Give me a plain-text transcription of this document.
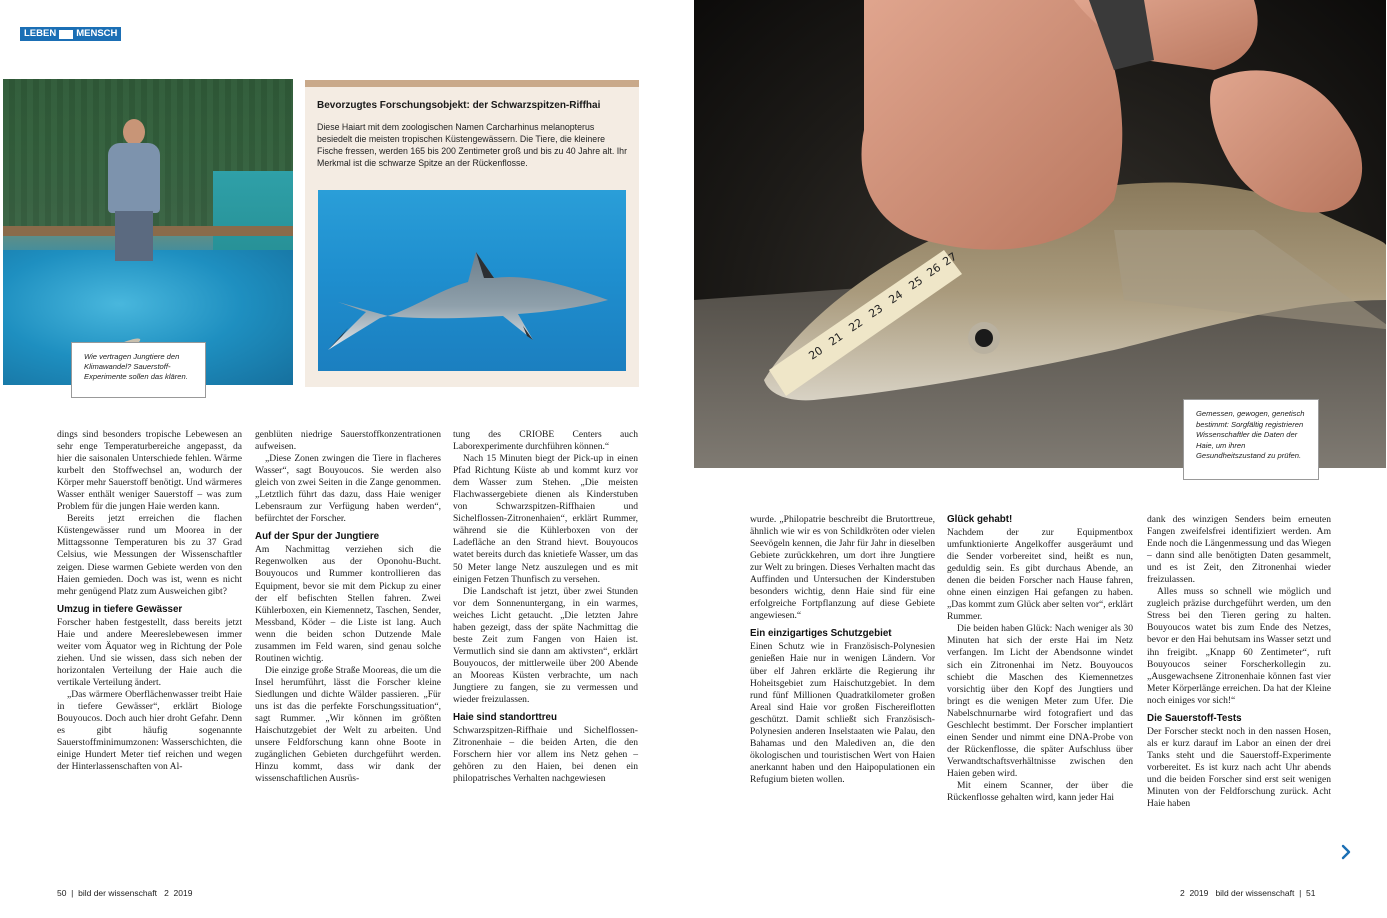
LEBEN MENSCH
Wie vertragen Jungtiere den Klimawandel? Sauerstoff-Experimente sollen das klären.
Bevorzugtes Forschungsobjekt: der Schwarzspitzen-Riffhai
Diese Haiart mit dem zoologischen Namen Carcharhinus melanopterus besiedelt die meisten tropischen Küstengewässern. Die Tiere, die kleinere Fische fressen, werden 165 bis 200 Zentimeter groß und bis zu 40 Jahre alt. Ihr Merkmal ist die schwarze Spitze an der Rückenflosse.
20
21
22
23
24
25
26
27
Gemessen, gewogen, genetisch bestimmt: Sorgfältig registrieren Wissenschaftler die Daten der Haie, um ihren Gesundheitszustand zu prüfen.

dings sind besonders tropische Lebewesen an sehr enge Temperaturbereiche angepasst, da hier die saisonalen Unterschiede fehlen. Wärme kurbelt den Stoffwechsel an, wodurch der Körper mehr Sauerstoff benötigt. Und wärmeres Wasser enthält weniger Sauerstoff – was zum Problem für die jungen Haie werden kann.

Bereits jetzt erreichen die flachen Küstengewässer rund um Moorea in der Mittagssonne Temperaturen bis zu 37 Grad Celsius, wie Messungen der Wissenschaftler zeigen. Diese warmen Gebiete werden von den Haien gemieden. Doch was ist, wenn es nicht mehr genügend Platz zum Ausweichen gibt?

Umzug in tiefere Gewässer

Forscher haben festgestellt, dass bereits jetzt Haie und andere Meereslebewesen immer weiter vom Äquator weg in Richtung der Pole ziehen. Und sie wissen, dass sich neben der horizontalen Verteilung der Haie auch die vertikale Verteilung ändert.

„Das wärmere Oberflächenwasser treibt Haie in tiefere Gewässer“, erklärt Biologe Bouyoucos. Doch auch hier droht Gefahr. Denn es gibt häufig sogenannte Sauerstoffminimumzonen: Wasserschichten, die einige Hundert Meter tief reichen und wegen der Hinterlassenschaften von Al-

genblüten niedrige Sauerstoffkonzentrationen aufweisen.

„Diese Zonen zwingen die Tiere in flacheres Wasser“, sagt Bouyoucos. Sie werden also gleich von zwei Seiten in die Zange genommen. „Letztlich führt das dazu, dass Haie weniger Lebensraum zur Verfügung haben werden“, befürchtet der Forscher.

Auf der Spur der Jungtiere

Am Nachmittag verziehen sich die Regenwolken aus der Oponohu-Bucht. Bouyoucos und Rummer kontrollieren das Equipment, bevor sie mit dem Pickup zu einer der elf befischten Stellen fahren. Zwei Kühlerboxen, ein Kiemennetz, Taschen, Sender, Messband, Köder – die Liste ist lang. Auch wenn die beiden schon Dutzende Male zusammen im Feld waren, sind genau solche Routinen wichtig.

Die einzige große Straße Mooreas, die um die Insel herumführt, lässt die Forscher kleine Siedlungen und dichte Wälder passieren. „Für uns ist das die perfekte Forschungssituation“, sagt Rummer. „Wir können im größten Haischutzgebiet der Welt zu arbeiten. Und unsere Feldforschung kann ohne Boote in zugänglichen Gebieten durchgeführt werden. Hinzu kommt, dass wir dank der wissenschaftlichen Ausrüs-

tung des CRIOBE Centers auch Laborexperimente durchführen können.“

Nach 15 Minuten biegt der Pick-up in einen Pfad Richtung Küste ab und kommt kurz vor dem Wasser zum Stehen. „Die meisten Flachwassergebiete dienen als Kinderstuben von Schwarzspitzen-Riffhaien und Sichelflossen-Zitronenhaien“, erklärt Rummer, während sie die Kühlerboxen von der Ladefläche an den Strand hievt. Bouyoucos watet bereits durch das knietiefe Wasser, um das 50 Meter lange Netz auszulegen und es mit einigen Fetzen Thunfisch zu versehen.

Die Landschaft ist jetzt, über zwei Stunden vor dem Sonnenuntergang, in ein warmes, weiches Licht getaucht. „Die letzten Jahre haben gezeigt, dass der späte Nachmittag die beste Zeit zum Fangen von Haien ist. Vermutlich sind sie dann am aktivsten“, erklärt Bouyoucos, der mittlerweile über 200 Abende an Mooreas Küsten verbrachte, um nach Jungtiere zu fangen, sie zu vermessen und wieder freizulassen.

Haie sind standorttreu

Schwarzspitzen-Riffhaie und Sichelflossen-Zitronenhaie – die beiden Arten, die den Forschern hier vor allem ins Netz gehen – gehören zu den Haien, bei denen ein philopatrisches Verhalten nachgewiesen

wurde. „Philopatrie beschreibt die Brutorttreue, ähnlich wie wir es von Schildkröten oder vielen Seevögeln kennen, die Jahr für Jahr in dieselben Gebiete zurückkehren, um dort ihre Jungtiere zur Welt zu bringen. Dieses Verhalten macht das Auffinden und Untersuchen der Kinderstuben besonders wichtig, denn Haie sind für eine erfolgreiche Fortpflanzung auf diese Gebiete angewiesen.“

Ein einzigartiges Schutzgebiet

Einen Schutz wie in Französisch-Polynesien genießen Haie nur in wenigen Ländern. Vor über elf Jahren erklärte die Regierung ihr Hoheitsgebiet zum Haischutzgebiet. In dem rund fünf Millionen Quadratkilometer großen Areal sind Haie vor großen Fischereiflotten geschützt. Damit schließt sich Französisch-Polynesien anderen Inselstaaten wie Palau, den Bahamas und den Malediven an, die den ökologischen und touristischen Wert von Haien anerkannt haben und den Haipopulationen ein Refugium bieten wollen.

Glück gehabt!

Nachdem der zur Equipmentbox umfunktionierte Angelkoffer ausgeräumt und die Sender vorbereitet sind, heißt es nun, geduldig sein. Es gibt durchaus Abende, an denen die beiden Forscher nach Hause fahren, ohne einen einzigen Hai gefangen zu haben. „Das kommt zum Glück aber selten vor“, erklärt Rummer.

Die beiden haben Glück: Nach weniger als 30 Minuten hat sich der erste Hai im Netz verfangen. Im Licht der Abendsonne windet sich ein Zitronenhai im Netz. Bouyoucos schiebt die Maschen des Kiemennetzes vorsichtig über den Kopf des Jungtiers und bringt es die wenigen Meter zum Ufer. Die Nabelschnurnarbe wird fotografiert und das Geschlecht bestimmt. Der Forscher implantiert einen Sender und nimmt eine DNA-Probe von der Rückenflosse, die später Aufschluss über Verwandtschaftsverhältnisse zwischen den Haien geben wird.

Mit einem Scanner, der über die Rückenflosse gehalten wird, kann jeder Hai

dank des winzigen Senders beim erneuten Fangen zweifelsfrei identifiziert werden. Am Ende noch die Längenmessung und das Wiegen – dann sind alle benötigten Daten gesammelt, und es ist Zeit, den Zitronenhai wieder freizulassen.

Alles muss so schnell wie möglich und zugleich präzise durchgeführt werden, um den Stress bei den Tieren gering zu halten. Bouyoucos watet bis zum Ende des Netzes, bevor er den Hai behutsam ins Wasser setzt und ihn freigibt. „Knapp 60 Zentimeter“, ruft Bouyoucos seiner Forscherkollegin zu. „Ausgewachsene Zitronenhaie können fast vier Meter Körperlänge erreichen. Da hat der Kleine noch einiges vor sich!“

Die Sauerstoff-Tests

Der Forscher steckt noch in den nassen Hosen, als er kurz darauf im Labor an einen der drei Tanks steht und die Sauerstoff-Experimente vorbereitet. Es ist kurz nach acht Uhr abends und die beiden Forscher sind erst seit wenigen Minuten von der Feldforschung zurück. Acht Haie haben

50  |  bild der wissenschaft   2  2019	2  2019   bild der wissenschaft  |  51
